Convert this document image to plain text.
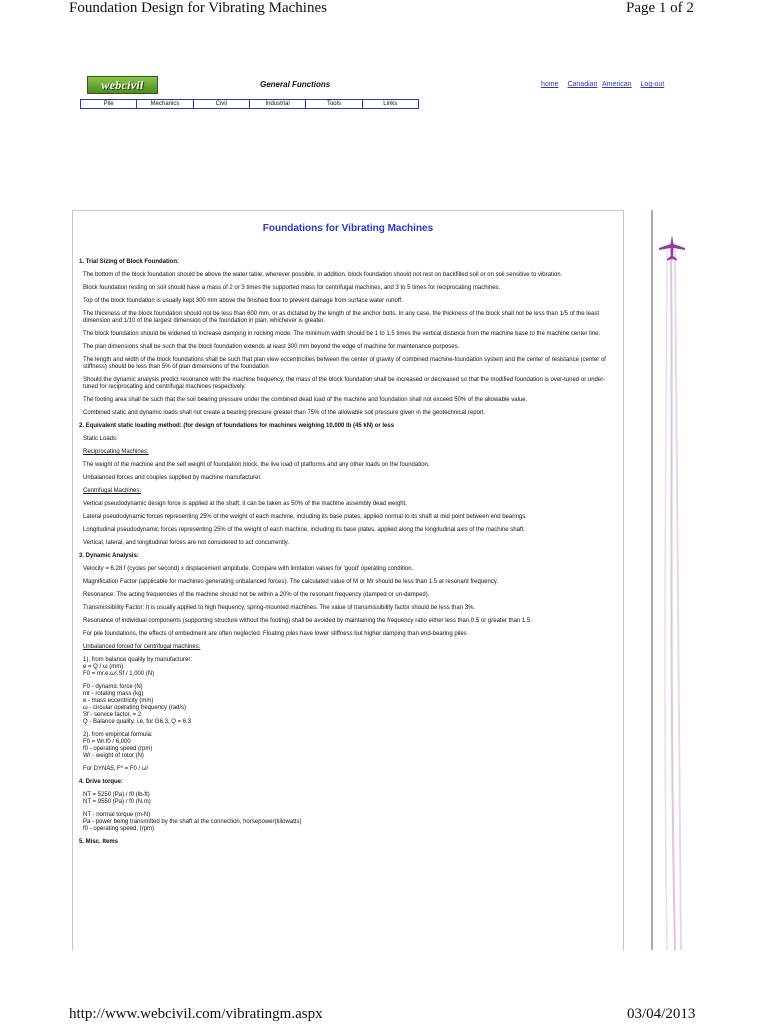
Foundation Design for Vibrating Machines	Page 1 of 2
webcivil	General Functions	home Canadian American Log-out
Pile	Mechanics	Civil	Industrial	Tools	Links
Foundations for Vibrating Machines

1. Trial Sizing of Block Foundation:

The bottom of the block foundation should be above the water table, wherever possible. In addition, block foundation should not rest on backfilled soil or on soil sensitive to vibration.

Block foundation resting on soil should have a mass of 2 or 3 times the supported mass for centrifugal machines, and 3 to 5 times for reciprocating machines.

Top of the block foundation is usually kept 300 mm above the finished floor to prevent damage from surface water runoff.

The thickness of the block foundation should not be less than 600 mm, or as dictated by the length of the anchor bolts. In any case, the thickness of the block shall not be less than 1/5 of the least dimension and 1/10 of the largest dimension of the foundation in plan, whichever is greater.

The block foundation should be widened to increase damping in rocking mode. The minimum width should be 1 to 1.5 times the vertical distance from the machine base to the machine center line.

The plan dimensions shall be such that the block foundation extends at least 300 mm beyond the edge of machine for maintenance purposes.

The length and width of the block foundations shall be such that plan view eccentricities between the center of gravity of combined machine-foundation system and the center of resistance (center of stiffness) should be less than 5% of plan dimensions of the foundation

Should the dynamic analysis predict resonance with the machine frequency, the mass of the block foundation shall be increased or decreased so that the modified foundation is over-tuned or under-tuned for reciprocating and centrifugal machines respectively.

The footing area shall be such that the soil bearing pressure under the combined dead load of the machine and foundation shall not exceed 50% of the allowable value.

Combined static and dynamic loads shall not create a bearing pressure greater than 75% of the allowable soil pressure given in the geotechnical report.

2. Equivalent static loading method: (for design of foundations for machines weighing 10,000 lb (45 kN) or less

Static Loads:

Reciprocating Machines:

The weight of the machine and the self weight of foundation block, the live load of platforms and any other loads on the foundation.

Unbalanced forces and couples supplied by machine manufacturer.

Centrifugal Machines:

Vertical pseudodynamic design force is applied at the shaft, it can be taken as 50% of the machine assembly dead weight.

Lateral pseudodynamic forces representing 25% of the weight of each machine, including its base plates, applied normal to its shaft at mid point between end bearings.

Longitudinal pseudodynamic forces representing 25% of the weight of each machine, including its base plates, applied along the longitudinal axis of the machine shaft.

Vertical, lateral, and longitudinal forces are not considered to act concurrently.

3. Dynamic Analysis:

Velocity = 6.28 f (cycles per second) x displacement amplitude. Compare with limitation values for 'good' operating condition.

Magnification Factor (applicable for machines generating unbalanced forces). The calculated value of M or Mr should be less than 1.5 at resonant frequency.

Resonance: The acting frequencies of the machine should not be within a 20% of the resonant frequency (damped or un-damped).

Transmissibility Factor: It is usually applied to high frequency, spring-mounted machines. The value of transmissibility factor should be less than 3%.

Resonance of individual components (supporting structure without the footing) shall be avoided by maintaining the frequency ratio either less than 0.5 or greater than 1.5.

For pile foundations, the effects of embedment are often neglected. Floating piles have lower stiffness but higher damping than end-bearing piles

Unbalanced forced for centrifugal machines:

1). from balance quality by manufacturer:
e = Q / ω (mm)
F0 = mr.e.ω².Sf / 1,000 (N)
F0 - dynamic force (N)
mr - rotating mass (kg)
e - mass eccentricity (mm)
ω - circular operating frequency (rad/s)
Sf - service factor, = 2
Q - Balance quality, i.e. for G6.3, Q = 6.3
2). from empirical formula:
F0 = Wr.f0 / 6,000
f0 - operating speed (rpm)
Wr - weight of rotor (N)
For DYNA5, F* = F0 / ω²

4. Drive torque:

NT = 5250 (Pa) / f0 (lb-ft)
NT = 9550 (Pa) / f0 (N.m)
NT - normal torque (m-N)
Pa - power being transmitted by the shaft at the connection, horsepower(kilowatts)
f0 - operating speed, (rpm)

5. Misc. Items

http://www.webcivil.com/vibratingm.aspx	03/04/2013
